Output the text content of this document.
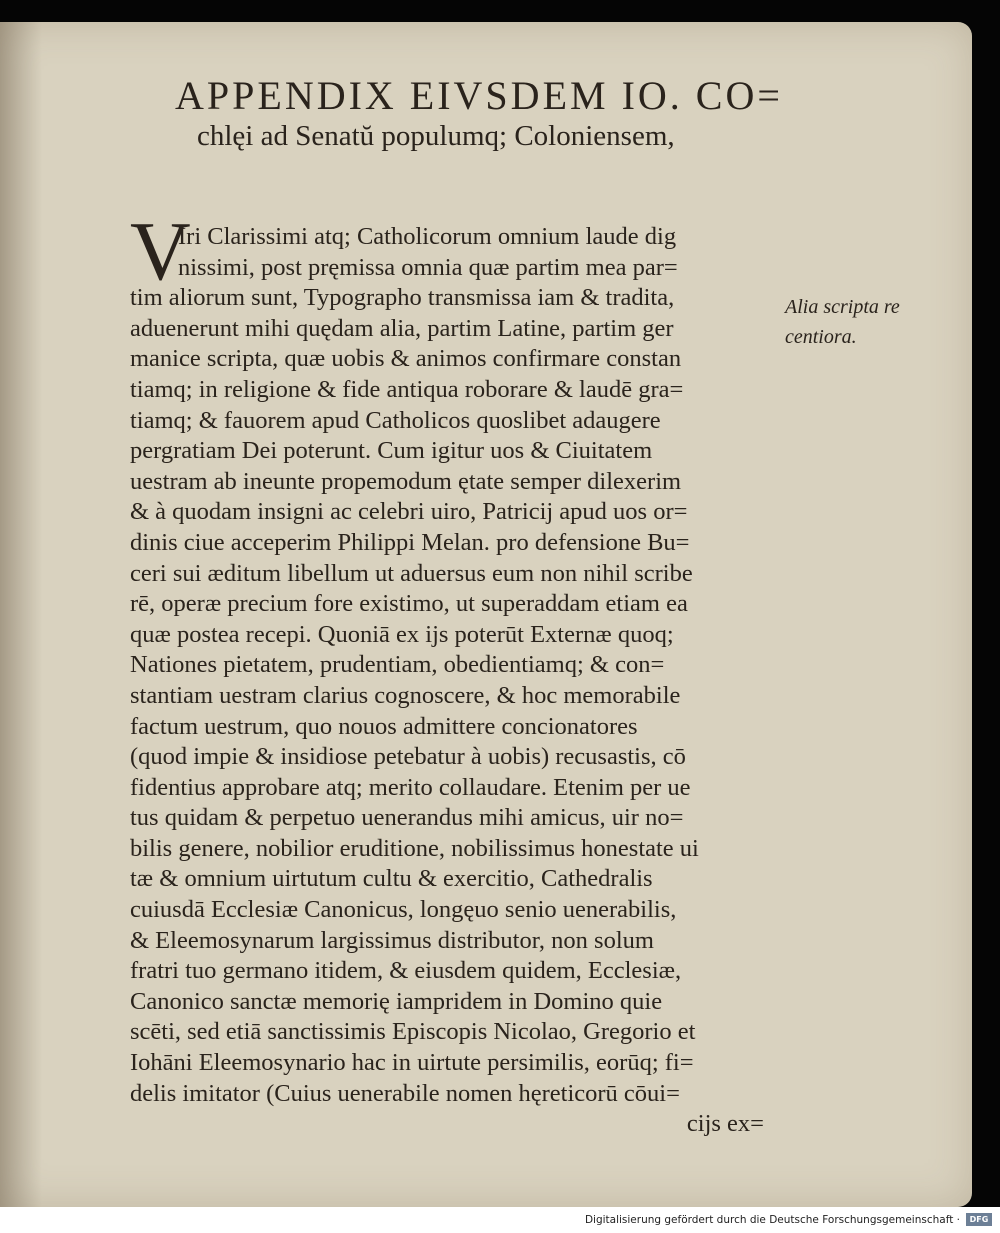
APPENDIX EIVSDEM IO. CO=
chlęi ad Senatŭ populumq; Coloniensem,
V
Iri Clarissimi atq; Catholicorum omnium laude dig
nissimi, post pręmissa omnia quæ partim mea par=
tim aliorum sunt, Typographo transmissa iam & tradita,
aduenerunt mihi quędam alia, partim Latine, partim ger
manice scripta, quæ uobis & animos confirmare constan
tiamq; in religione & fide antiqua roborare & laudē gra=
tiamq; & fauorem apud Catholicos quoslibet adaugere
pergratiam Dei poterunt. Cum igitur uos & Ciuitatem
uestram ab ineunte propemodum ętate semper dilexerim
& à quodam insigni ac celebri uiro, Patricij apud uos or=
dinis ciue acceperim Philippi Melan. pro defensione Bu=
ceri sui æditum libellum ut aduersus eum non nihil scribe
rē, operæ precium fore existimo, ut superaddam etiam ea
quæ postea recepi. Quoniā ex ijs poterūt Externæ quoq;
Nationes pietatem, prudentiam, obedientiamq; & con=
stantiam uestram clarius cognoscere, & hoc memorabile
factum uestrum, quo nouos admittere concionatores
(quod impie & insidiose petebatur à uobis) recusastis, cō
fidentius approbare atq; merito collaudare. Etenim per ue
tus quidam & perpetuo uenerandus mihi amicus, uir no=
bilis genere, nobilior eruditione, nobilissimus honestate ui
tæ & omnium uirtutum cultu & exercitio, Cathedralis
cuiusdā Ecclesiæ Canonicus, longęuo senio uenerabilis,
& Eleemosynarum largissimus distributor, non solum
fratri tuo germano itidem, & eiusdem quidem, Ecclesiæ,
Canonico sanctæ memorię iampridem in Domino quie
scēti, sed etiā sanctissimis Episcopis Nicolao, Gregorio et
Iohāni Eleemosynario hac in uirtute persimilis, eorūq; fi=
delis imitator (Cuius uenerabile nomen hęreticorū cōui=
cijs ex=
Alia scripta re
centiora.
Digitalisierung gefördert durch die Deutsche Forschungsgemeinschaft ·	DFG
